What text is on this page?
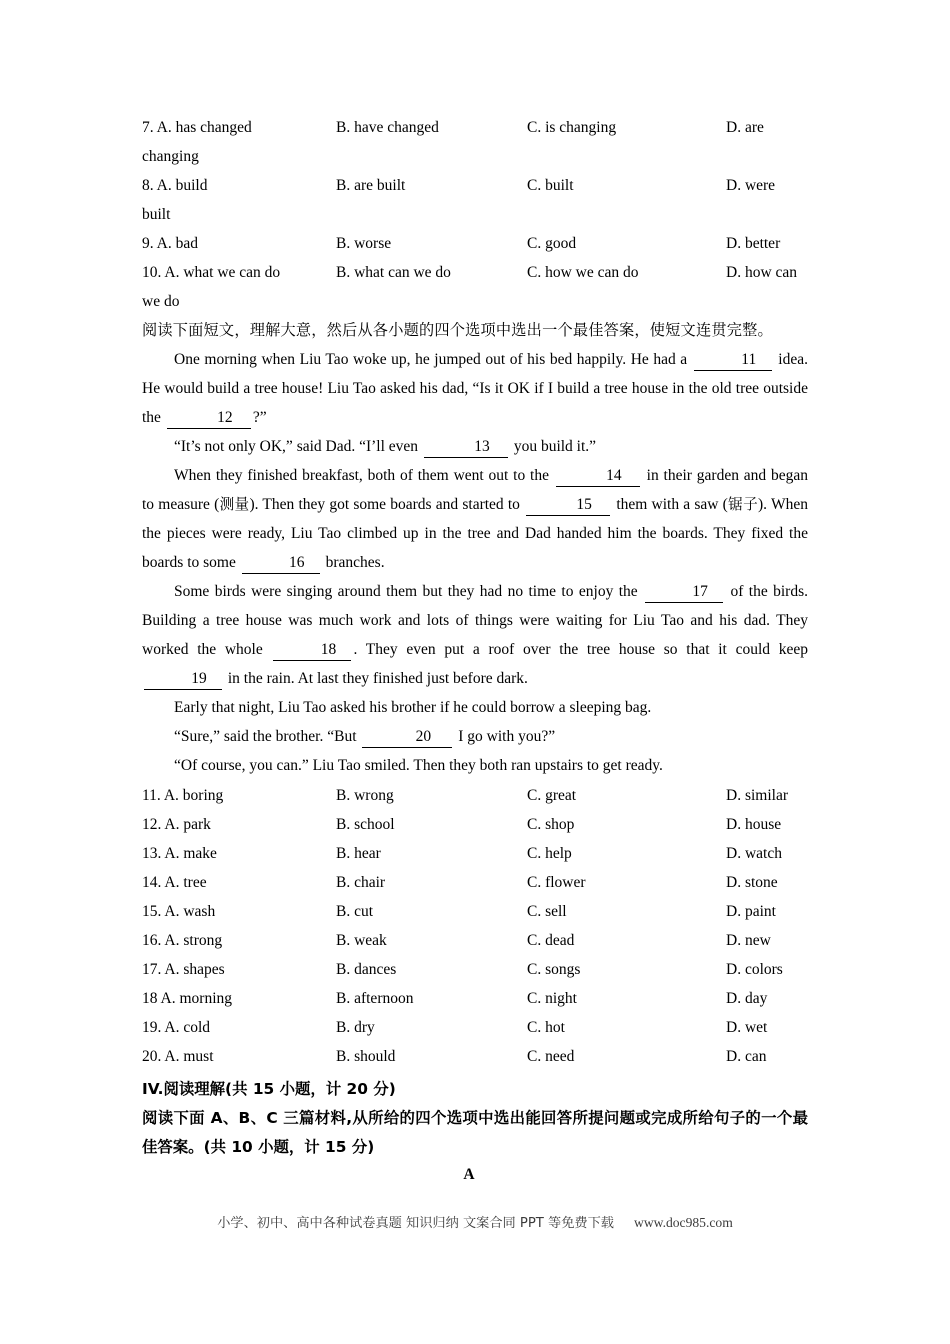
7. A. has changed	B. have changed	C. is changing	D. are
changing
8. A. build	B. are built	C. built	D. were
built
9. A. bad	B. worse	C. good	D. better
10. A. what we can do	B. what can we do	C. how we can do	D. how can
we do
阅读下面短文，理解大意，然后从各小题的四个选项中选出一个最佳答案，使短文连贯完整。

One morning when Liu Tao woke up, he jumped out of his bed happily. He had a	11 idea. He would build a tree house! Liu Tao asked his dad, “Is it OK if I build a tree house in the old tree outside the	12 ?”

“It’s not only OK,” said Dad. “I’ll even	13 you build it.”

When they finished breakfast, both of them went out to the	14 in their garden and began to measure (测量). Then they got some boards and started to	15 them with a saw (锯子). When the pieces were ready, Liu Tao climbed up in the tree and Dad handed him the boards. They fixed the boards to some	16 branches.

Some birds were singing around them but they had no time to enjoy the	17 of the birds. Building a tree house was much work and lots of things were waiting for Liu Tao and his dad. They worked the whole	18 . They even put a roof over the tree house so that it could keep 19 in the rain. At last they finished just before dark.

Early that night, Liu Tao asked his brother if he could borrow a sleeping bag.

“Sure,” said the brother. “But	20 I go with you?”

“Of course, you can.” Liu Tao smiled. Then they both ran upstairs to get ready.

11. A. boring	B. wrong	C. great	D. similar
12. A. park	B. school	C. shop	D. house
13. A. make	B. hear	C. help	D. watch
14. A. tree	B. chair	C. flower	D. stone
15. A. wash	B. cut	C. sell	D. paint
16. A. strong	B. weak	C. dead	D. new
17. A. shapes	B. dances	C. songs	D. colors
18 A. morning	B. afternoon	C. night	D. day
19. A. cold	B. dry	C. hot	D. wet
20. A. must	B. should	C. need	D. can
IV.阅读理解(共 15 小题，计 20 分)
阅读下面 A、B、C 三篇材料,从所给的四个选项中选出能回答所提问题或完成所给句子的一个最佳答案。(共 10 小题，计 15 分)
A
小学、初中、高中各种试卷真题 知识归纳 文案合同 PPT 等免费下载 www.doc985.com
